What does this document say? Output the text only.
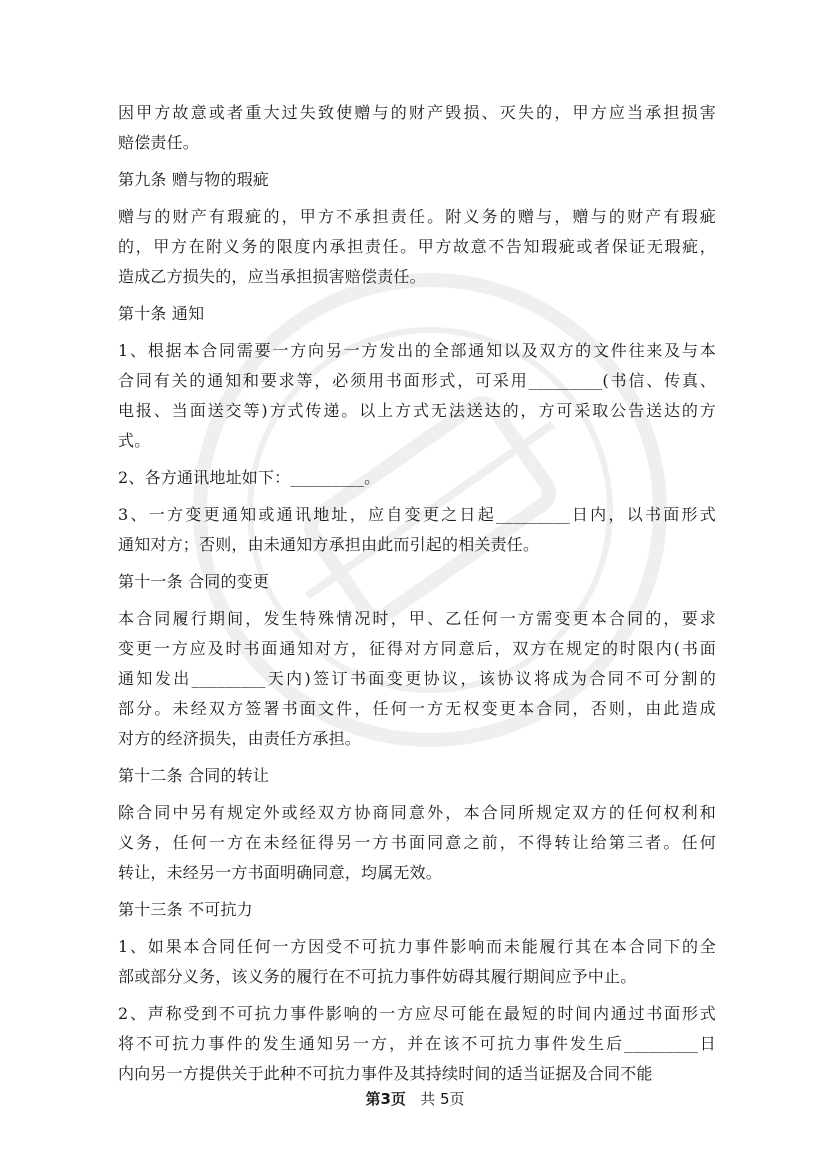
因甲方故意或者重大过失致使赠与的财产毁损、灭失的，甲方应当承担损害
赔偿责任。
第九条 赠与物的瑕疵
赠与的财产有瑕疵的，甲方不承担责任。附义务的赠与，赠与的财产有瑕疵
的，甲方在附义务的限度内承担责任。甲方故意不告知瑕疵或者保证无瑕疵，
造成乙方损失的，应当承担损害赔偿责任。
第十条 通知
1、根据本合同需要一方向另一方发出的全部通知以及双方的文件往来及与本
合同有关的通知和要求等，必须用书面形式，可采用_________(书信、传真、
电报、当面送交等)方式传递。以上方式无法送达的，方可采取公告送达的方
式。
2、各方通讯地址如下：_________。
3、一方变更通知或通讯地址，应自变更之日起_________日内，以书面形式
通知对方；否则，由未通知方承担由此而引起的相关责任。
第十一条 合同的变更
本合同履行期间，发生特殊情况时，甲、乙任何一方需变更本合同的，要求
变更一方应及时书面通知对方，征得对方同意后，双方在规定的时限内(书面
通知发出_________天内)签订书面变更协议，该协议将成为合同不可分割的
部分。未经双方签署书面文件，任何一方无权变更本合同，否则，由此造成
对方的经济损失，由责任方承担。
第十二条 合同的转让
除合同中另有规定外或经双方协商同意外，本合同所规定双方的任何权利和
义务，任何一方在未经征得另一方书面同意之前，不得转让给第三者。任何
转让，未经另一方书面明确同意，均属无效。
第十三条 不可抗力
1、如果本合同任何一方因受不可抗力事件影响而未能履行其在本合同下的全
部或部分义务，该义务的履行在不可抗力事件妨碍其履行期间应予中止。
2、声称受到不可抗力事件影响的一方应尽可能在最短的时间内通过书面形式
将不可抗力事件的发生通知另一方，并在该不可抗力事件发生后_________日
内向另一方提供关于此种不可抗力事件及其持续时间的适当证据及合同不能
第3页 共 5页
